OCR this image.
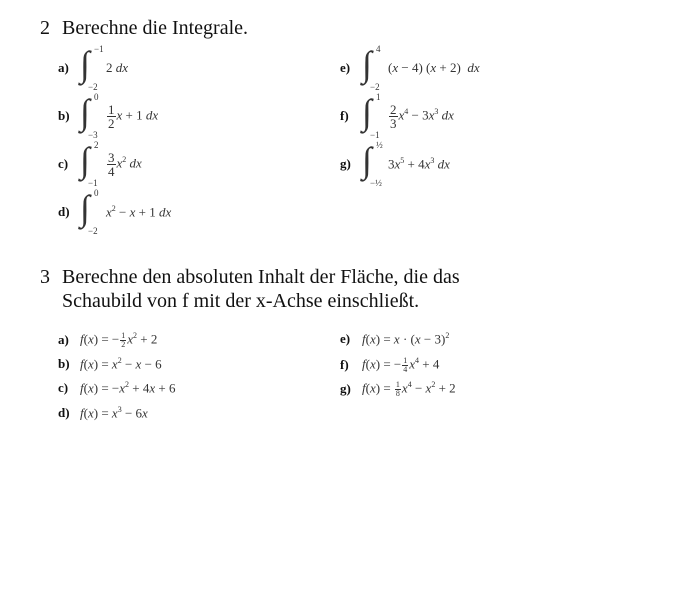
2 Berechne die Integrale.
a) ∫ −1
−2
2 dx
b) ∫ 0
−3
$\frac{1}{2}$ x + 1 dx
c) ∫ 2
−1
$\frac{3}{4} x^2$ dx
d) ∫ 0
−2
$x^2 - x + 1$ dx
e) ∫ 4
−2
(x − 4) (x + 2)  dx
f) ∫ 1
−1
$\frac{2}{3} x^4 - 3x^3$ dx
g) ∫ ½
−½
$3x^5 + 4x^3$ dx
3 Berechne den absoluten Inhalt der Fläche, die das
Schaubild von f mit der x-Achse einschließt.
a) f(x) = − $\frac{1}{2} x^2 + 2$
b) $f(x) = x^2 - x - 6$
c) $f(x) = -x^2 + 4x + 6$
d) $f(x) = x^3 - 6x$
e) $f(x) = x \cdot (x - 3)^2$
f)	f(x) = − $\frac{1}{4} x^4 + 4$
g) $f(x) = \frac{1}{8} x^4 - x^2 + 2$
